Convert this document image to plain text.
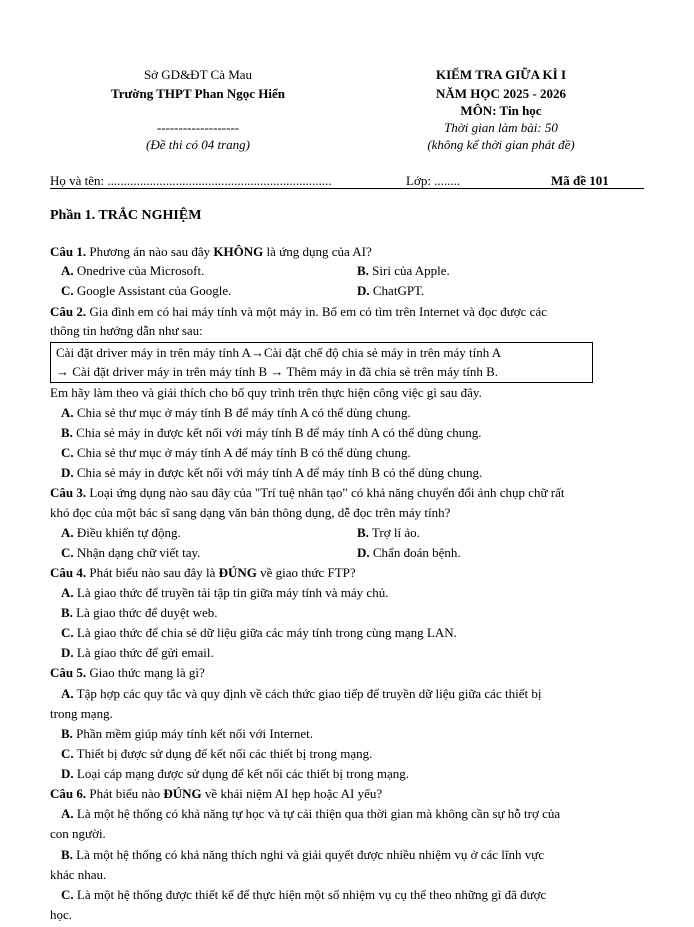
Sở GD&ĐT Cà Mau
Trường THPT Phan Ngọc Hiển
-------------------
(Đề thi có 04 trang)
KIỂM TRA GIỮA KÌ I
NĂM HỌC 2025 - 2026
MÔN: Tin học
Thời gian làm bài: 50
(không kể thời gian phát đề)
Họ và tên: .....................................................................	Lớp: ........	Mã đề 101
Phần 1. TRẮC NGHIỆM
Câu 1. Phương án nào sau đây KHÔNG là ứng dụng của AI?
A. Onedrive của Microsoft.	B. Siri của Apple.
C. Google Assistant của Google.	D. ChatGPT.
Câu 2. Gia đình em có hai máy tính và một máy in. Bố em có tìm trên Internet và đọc được các
thông tin hướng dẫn như sau:
Cài đặt driver máy in trên máy tính A→Cài đặt chế độ chia sẻ máy in trên máy tính A
→ Cài đặt driver máy in trên máy tính B → Thêm máy in đã chia sẻ trên máy tính B.
Em hãy làm theo và giải thích cho bố quy trình trên thực hiện công việc gì sau đây.
A. Chia sẻ thư mục ở máy tính B để máy tính A có thể dùng chung.
B. Chia sẻ máy in được kết nối với máy tính B để máy tính A có thể dùng chung.
C. Chia sẻ thư mục ở máy tính A để máy tính B có thể dùng chung.
D. Chia sẻ máy in được kết nối với máy tính A để máy tính B có thể dùng chung.
Câu 3. Loại ứng dụng nào sau đây của "Trí tuệ nhân tạo" có khả năng chuyển đổi ảnh chụp chữ rất
khó đọc của một bác sĩ sang dạng văn bản thông dụng, dễ đọc trên máy tính?
A. Điều khiển tự động.	B. Trợ lí ảo.
C. Nhận dạng chữ viết tay.	D. Chẩn đoán bệnh.
Câu 4. Phát biểu nào sau đây là ĐÚNG về giao thức FTP?
A. Là giao thức để truyền tải tập tin giữa máy tính và máy chủ.
B. Là giao thức để duyệt web.
C. Là giao thức để chia sẻ dữ liệu giữa các máy tính trong cùng mạng LAN.
D. Là giao thức để gửi email.
Câu 5. Giao thức mạng là gì?
A. Tập hợp các quy tắc và quy định về cách thức giao tiếp để truyền dữ liệu giữa các thiết bị
trong mạng.
B. Phần mềm giúp máy tính kết nối với Internet.
C. Thiết bị được sử dụng để kết nối các thiết bị trong mạng.
D. Loại cáp mạng được sử dụng để kết nối các thiết bị trong mạng.
Câu 6. Phát biểu nào ĐÚNG về khái niệm AI hẹp hoặc AI yếu?
A. Là một hệ thống có khả năng tự học và tự cải thiện qua thời gian mà không cần sự hỗ trợ của
con người.
B. Là một hệ thống có khả năng thích nghi và giải quyết được nhiều nhiệm vụ ở các lĩnh vực
khác nhau.
C. Là một hệ thống được thiết kế để thực hiện một số nhiệm vụ cụ thể theo những gì đã được
học.
